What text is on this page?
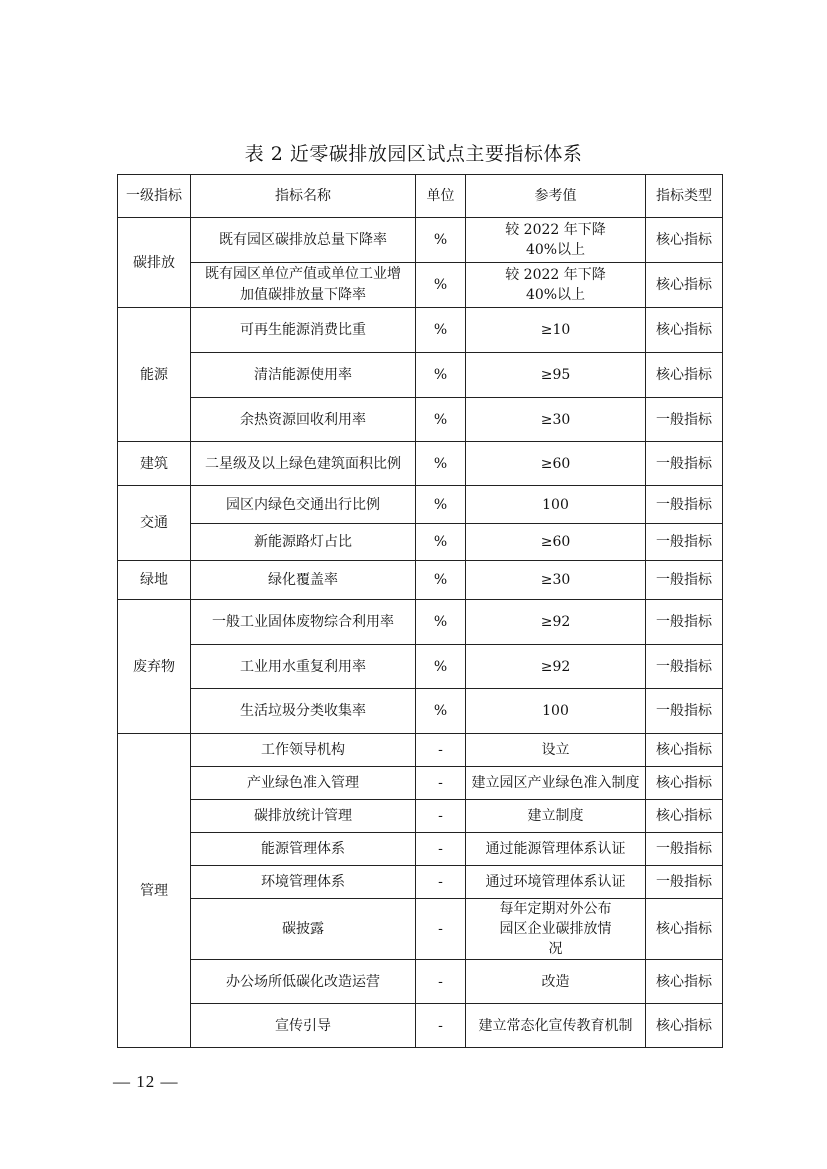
表 2 近零碳排放园区试点主要指标体系
一级指标	指标名称	单位	参考值	指标类型
碳排放	既有园区碳排放总量下降率	%	较 2022 年下降 40%以上	核心指标
	既有园区单位产值或单位工业增加值碳排放量下降率	%	较 2022 年下降 40%以上	核心指标
能源	可再生能源消费比重	%	≥10	核心指标
	清洁能源使用率	%	≥95	核心指标
	余热资源回收利用率	%	≥30	一般指标
建筑	二星级及以上绿色建筑面积比例	%	≥60	一般指标
交通	园区内绿色交通出行比例	%	100	一般指标
	新能源路灯占比	%	≥60	一般指标
绿地	绿化覆盖率	%	≥30	一般指标
废弃物	一般工业固体废物综合利用率	%	≥92	一般指标
	工业用水重复利用率	%	≥92	一般指标
	生活垃圾分类收集率	%	100	一般指标
管理	工作领导机构	-	设立	核心指标
	产业绿色准入管理	-	建立园区产业绿色准入制度	核心指标
	碳排放统计管理	-	建立制度	核心指标
	能源管理体系	-	通过能源管理体系认证	一般指标
	环境管理体系	-	通过环境管理体系认证	一般指标
	碳披露	-	每年定期对外公布园区企业碳排放情况	核心指标
	办公场所低碳化改造运营	-	改造	核心指标
	宣传引导	-	建立常态化宣传教育机制	核心指标
— 12 —
